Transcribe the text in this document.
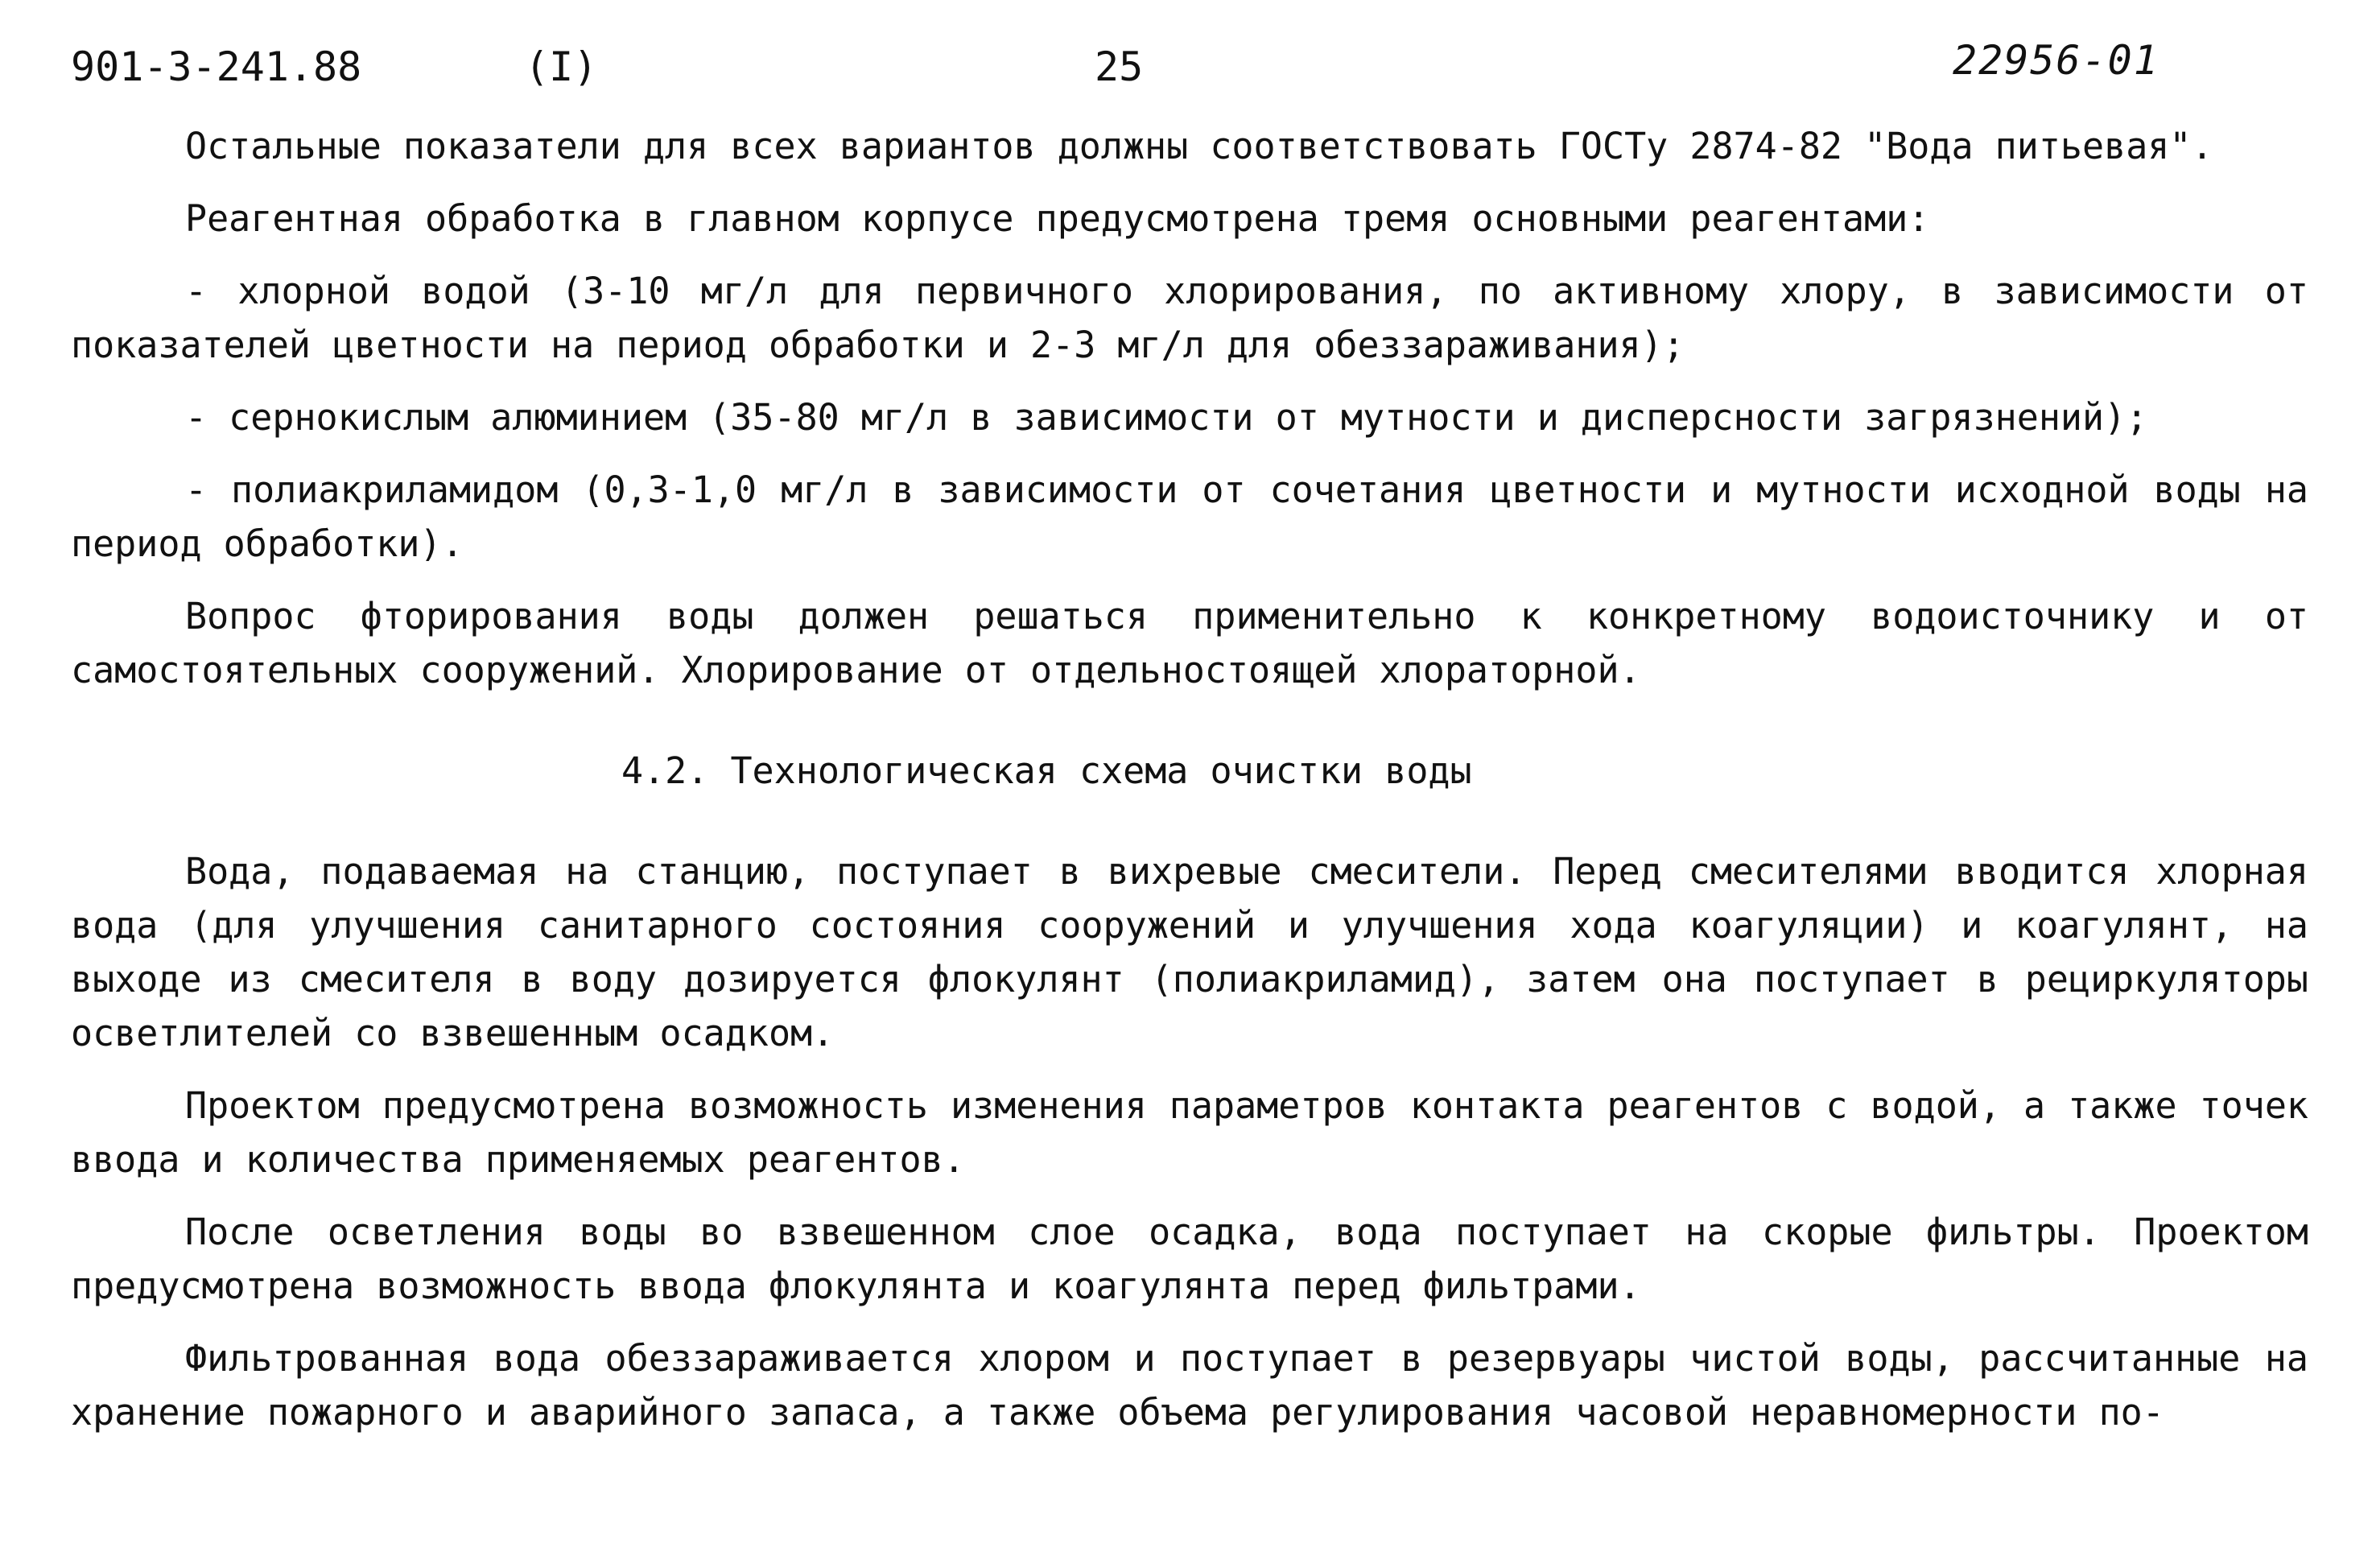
901-3-241.88	(I)	25	22956-01

Остальные показатели для всех вариантов должны соответствовать ГОСТу 2874-82 "Вода питьевая".

Реагентная обработка в главном корпусе предусмотрена тремя основными реагентами:

- хлорной водой (3-10 мг/л для первичного хлорирования, по активному хлору, в зависимости от показателей цветности на период обработки и 2-3 мг/л для обеззараживания);

- сернокислым алюминием (35-80 мг/л в зависимости от мутности и дисперсности загрязнений);

- полиакриламидом (0,3-1,0 мг/л в зависимости от сочетания цветности и мутности исходной воды на период обработки).

Вопрос фторирования воды должен решаться применительно к конкретному водоисточнику и от самостоятельных сооружений. Хлорирование от отдельностоящей хлораторной.

4.2. Технологическая схема очистки воды

Вода, подаваемая на станцию, поступает в вихревые смесители. Перед смесителями вводится хлорная вода (для улучшения санитарного состояния сооружений и улучшения хода коагуляции) и коагулянт, на выходе из смесителя в воду дозируется флокулянт (полиакриламид), затем она поступает в рециркуляторы осветлителей со взвешенным осадком.

Проектом предусмотрена возможность изменения параметров контакта реагентов с водой, а также точек ввода и количества применяемых реагентов.

После осветления воды во взвешенном слое осадка, вода поступает на скорые фильтры. Проектом предусмотрена возможность ввода флокулянта и коагулянта перед фильтрами.

Фильтрованная вода обеззараживается хлором и поступает в резервуары чистой воды, рассчитанные на хранение пожарного и аварийного запаса, а также объема регулирования часовой неравномерности по-
